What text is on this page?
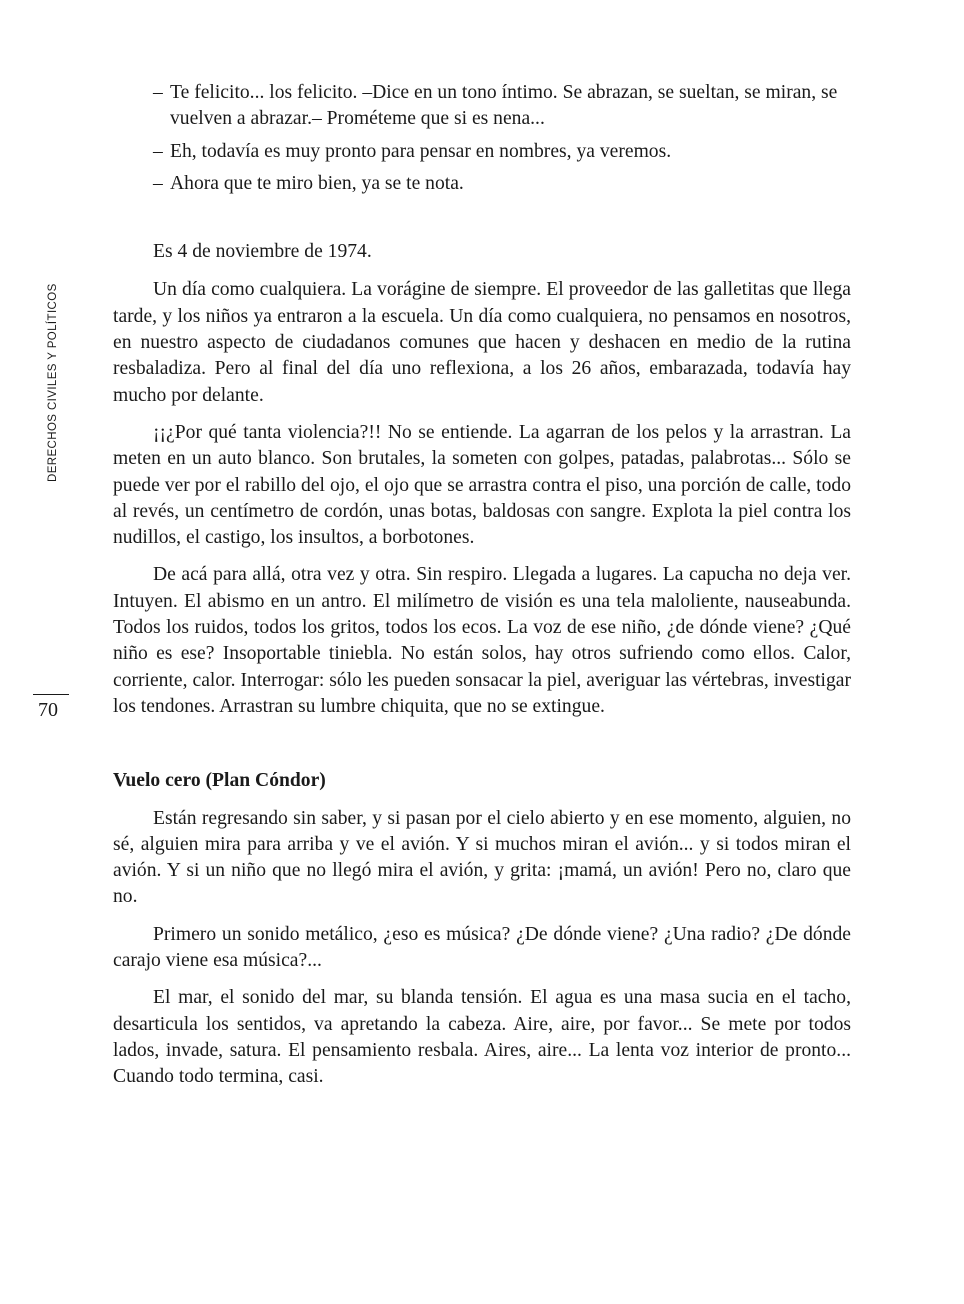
DERECHOS CIVILES Y POLÍTICOS
70

– Te felicito... los felicito. –Dice en un tono íntimo. Se abrazan, se sueltan, se miran, se vuelven a abrazar.– Prométeme que si es nena...

– Eh, todavía es muy pronto para pensar en nombres, ya veremos.

– Ahora que te miro bien, ya se te nota.

Es 4 de noviembre de 1974.

Un día como cualquiera. La vorágine de siempre. El proveedor de las galletitas que llega tarde, y los niños ya entraron a la escuela. Un día como cualquiera, no pensamos en nosotros, en nuestro aspecto de ciudadanos comunes que hacen y deshacen en medio de la rutina resbaladiza. Pero al final del día uno reflexiona, a los 26 años, embarazada, todavía hay mucho por delante.

¡¡¿Por qué tanta violencia?!! No se entiende. La agarran de los pelos y la arrastran. La meten en un auto blanco. Son brutales, la someten con golpes, patadas, palabrotas... Sólo se puede ver por el rabillo del ojo, el ojo que se arrastra contra el piso, una porción de calle, todo al revés, un centímetro de cordón, unas botas, baldosas con sangre. Explota la piel contra los nudillos, el castigo, los insultos, a borbotones.

De acá para allá, otra vez y otra. Sin respiro. Llegada a lugares. La capucha no deja ver. Intuyen. El abismo en un antro. El milímetro de visión es una tela maloliente, nauseabunda. Todos los ruidos, todos los gritos, todos los ecos. La voz de ese niño, ¿de dónde viene? ¿Qué niño es ese? Insoportable tiniebla. No están solos, hay otros sufriendo como ellos. Calor, corriente, calor. Interrogar: sólo les pueden sonsacar la piel, averiguar las vértebras, investigar los tendones. Arrastran su lumbre chiquita, que no se extingue.

Vuelo cero (Plan Cóndor)

Están regresando sin saber, y si pasan por el cielo abierto y en ese momento, alguien, no sé, alguien mira para arriba y ve el avión. Y si muchos miran el avión... y si todos miran el avión. Y si un niño que no llegó mira el avión, y grita: ¡mamá, un avión! Pero no, claro que no.

Primero un sonido metálico, ¿eso es música? ¿De dónde viene? ¿Una radio? ¿De dónde carajo viene esa música?...

El mar, el sonido del mar, su blanda tensión. El agua es una masa sucia en el tacho, desarticula los sentidos, va apretando la cabeza. Aire, aire, por favor... Se mete por todos lados, invade, satura. El pensamiento resbala. Aires, aire... La lenta voz interior de pronto... Cuando todo termina, casi.
